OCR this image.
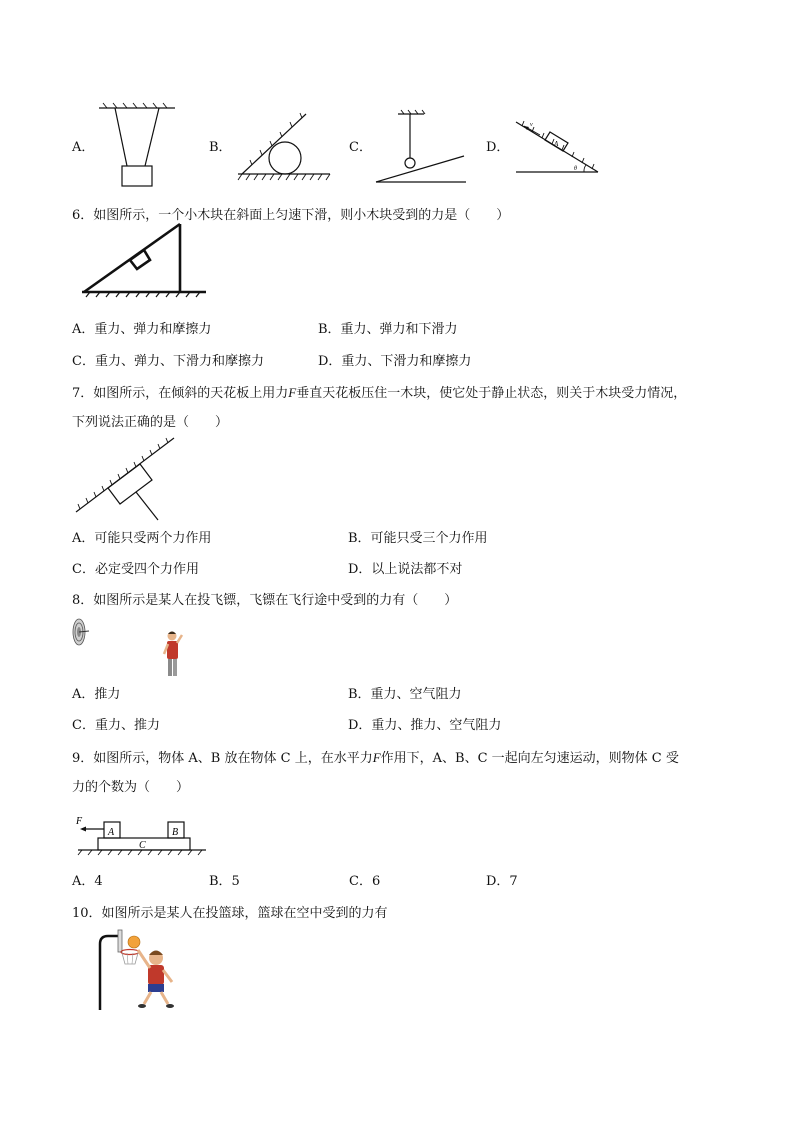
A．	B．	C．	D．
v
A
θ
6．如图所示，一个小木块在斜面上匀速下滑，则小木块受到的力是（　　）
A．重力、弹力和摩擦力	B．重力、弹力和下滑力
C．重力、弹力、下滑力和摩擦力	D．重力、下滑力和摩擦力
7．如图所示，在倾斜的天花板上用力F垂直天花板压住一木块，使它处于静止状态，则关于木块受力情况，
下列说法正确的是（　　）
A．可能只受两个力作用	B．可能只受三个力作用
C．必定受四个力作用	D．以上说法都不对
8．如图所示是某人在投飞镖，飞镖在飞行途中受到的力有（　　）
A．推力	B．重力、空气阻力
C．重力、推力	D．重力、推力、空气阻力
9．如图所示，物体 A、B 放在物体 C 上，在水平力F作用下，A、B、C 一起向左匀速运动，则物体 C 受
力的个数为（　　）
F
A	B
C
A．4	B．5	C．6	D．7
10．如图所示是某人在投篮球，篮球在空中受到的力有
